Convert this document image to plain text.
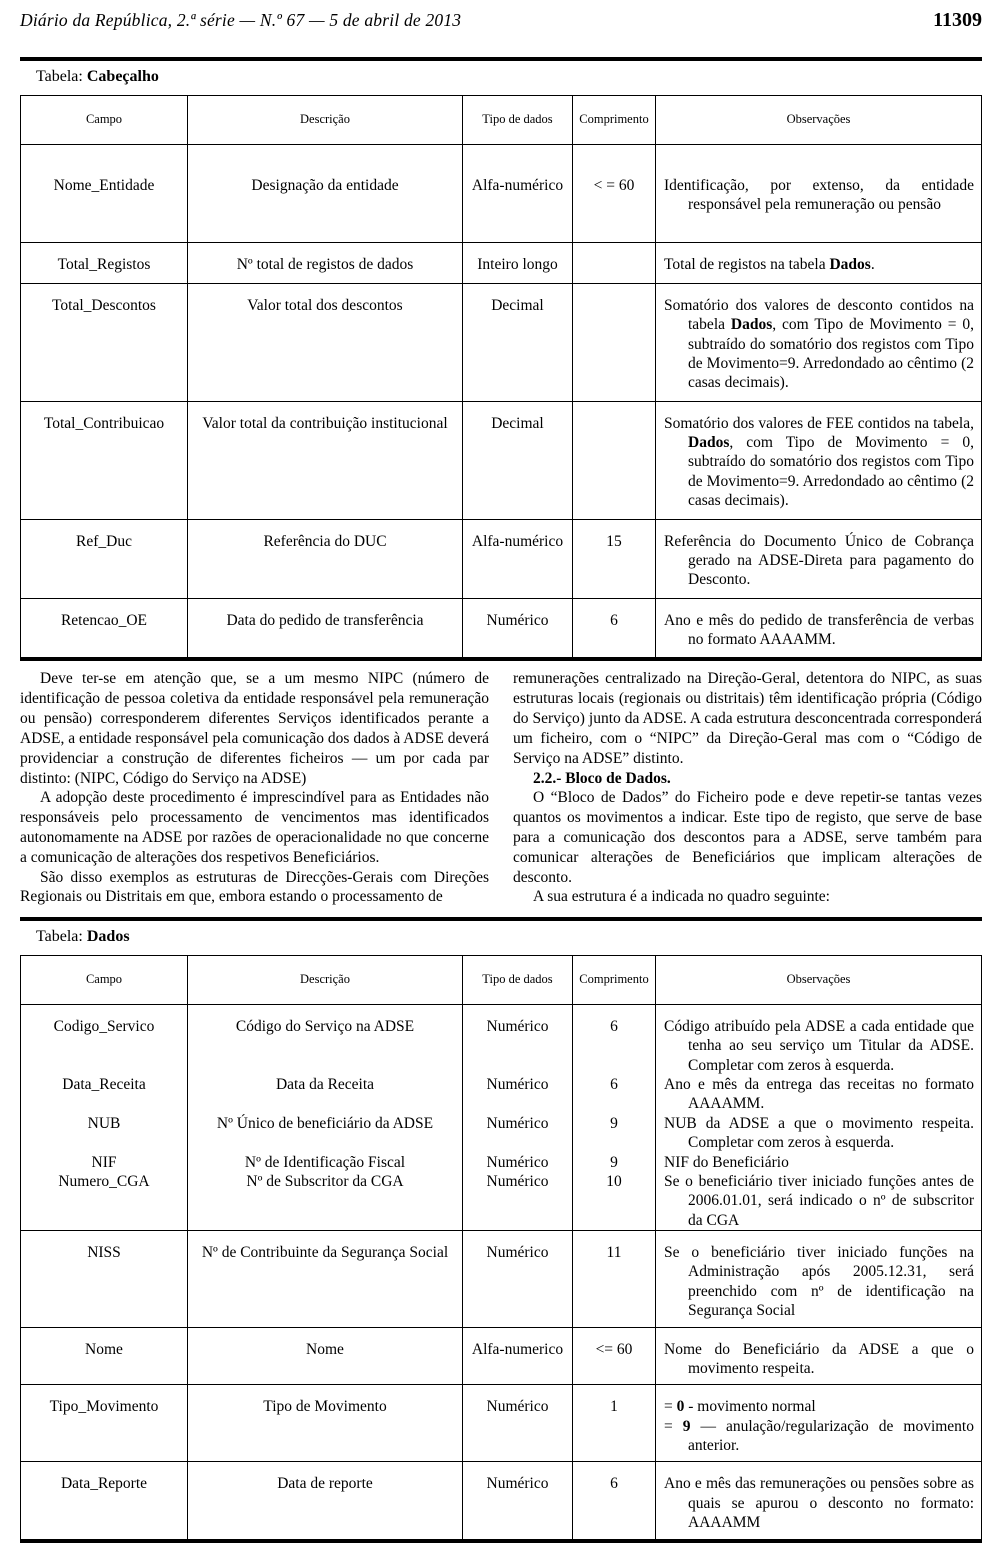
Diário da República, 2.ª série — N.º 67 — 5 de abril de 2013	11309
Tabela: Cabeçalho
Campo	Descrição	Tipo de dados	Comprimento	Observações
Nome_Entidade	Designação da entidade	Alfa-numérico	< = 60	Identificação, por extenso, da entidade responsável pela remuneração ou pensão

Total_Registos	Nº total de registos de dados	Inteiro longo		Total de registos na tabela Dados.

Total_Descontos	Valor total dos descontos	Decimal		Somatório dos valores de desconto contidos na tabela Dados, com Tipo de Movimento = 0, subtraído do somatório dos registos com Tipo de Movimento=9. Arredondado ao cêntimo (2 casas decimais).

Total_Contribuicao	Valor total da contribuição institucional	Decimal		Somatório dos valores de FEE contidos na tabela, Dados, com Tipo de Movimento = 0, subtraído do somatório dos registos com Tipo de Movimento=9. Arredondado ao cêntimo (2 casas decimais).

Ref_Duc	Referência do DUC	Alfa-numérico	15	Referência do Documento Único de Cobrança gerado na ADSE-Direta para pagamento do Desconto.

Retencao_OE	Data do pedido de transferência	Numérico	6	Ano e mês do pedido de transferência de verbas no formato AAAAMM.

Deve ter-se em atenção que, se a um mesmo NIPC (número de identificação de pessoa coletiva da entidade responsável pela remuneração ou pensão) corresponderem diferentes Serviços identificados perante a ADSE, a entidade responsável pela comunicação dos dados à ADSE deverá providenciar a construção de diferentes ficheiros — um por cada par distinto: (NIPC, Código do Serviço na ADSE)

A adopção deste procedimento é imprescindível para as Entidades não responsáveis pelo processamento de vencimentos mas identificados autonomamente na ADSE por razões de operacionalidade no que concerne a comunicação de alterações dos respetivos Beneficiários.

São disso exemplos as estruturas de Direcções-Gerais com Direções Regionais ou Distritais em que, embora estando o processamento de

remunerações centralizado na Direção-Geral, detentora do NIPC, as suas estruturas locais (regionais ou distritais) têm identificação própria (Código do Serviço) junto da ADSE. A cada estrutura desconcentrada corresponderá um ficheiro, com o “NIPC” da Direção-Geral mas com o “Código de Serviço na ADSE” distinto.

2.2.- Bloco de Dados.

O “Bloco de Dados” do Ficheiro pode e deve repetir-se tantas vezes quantos os movimentos a indicar. Este tipo de registo, que serve de base para a comunicação dos descontos para a ADSE, serve também para comunicar alterações de Beneficiários que implicam alterações de desconto.

A sua estrutura é a indicada no quadro seguinte:

Tabela: Dados
Campo	Descrição	Tipo de dados	Comprimento	Observações
Codigo_Servico	Código do Serviço na ADSE	Numérico	6	Código atribuído pela ADSE a cada entidade que tenha ao seu serviço um Titular da ADSE. Completar com zeros à esquerda.

Data_Receita	Data da Receita	Numérico	6	Ano e mês da entrega das receitas no formato AAAAMM.

NUB	Nº Único de beneficiário da ADSE	Numérico	9	NUB da ADSE a que o movimento respeita. Completar com zeros à esquerda.

NIF	Nº de Identificação Fiscal	Numérico	9	NIF do Beneficiário

Numero_CGA	Nº de Subscritor da CGA	Numérico	10	Se o beneficiário tiver iniciado funções antes de 2006.01.01, será indicado o nº de subscritor da CGA

NISS	Nº de Contribuinte da Segurança Social	Numérico	11	Se o beneficiário tiver iniciado funções na Administração após 2005.12.31, será preenchido com nº de identificação na Segurança Social

Nome	Nome	Alfa-numerico	<= 60	Nome do Beneficiário da ADSE a que o movimento respeita.

Tipo_Movimento	Tipo de Movimento	Numérico	1	= 0 - movimento normal
= 9 — anulação/regularização de movimento anterior.

Data_Reporte	Data de reporte	Numérico	6	Ano e mês das remunerações ou pensões sobre as quais se apurou o desconto no formato: AAAAMM
